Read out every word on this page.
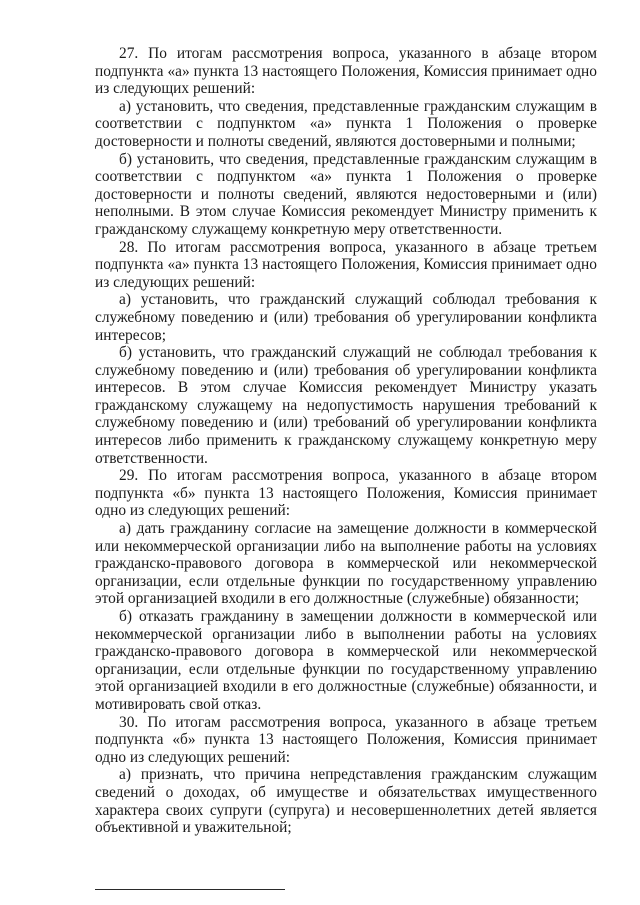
27. По итогам рассмотрения вопроса, указанного в абзаце втором подпункта «а» пункта 13 настоящего Положения, Комиссия принимает одно из следующих решений:

а) установить, что сведения, представленные гражданским служащим в соответствии с подпунктом «а» пункта 1 Положения о проверке достоверности и полноты сведений, являются достоверными и полными;

б) установить, что сведения, представленные гражданским служащим в соответствии с подпунктом «а» пункта 1 Положения о проверке достоверности и полноты сведений, являются недостоверными и (или) неполными. В этом случае Комиссия рекомендует Министру применить к гражданскому служащему конкретную меру ответственности.

28. По итогам рассмотрения вопроса, указанного в абзаце третьем подпункта «а» пункта 13 настоящего Положения, Комиссия принимает одно из следующих решений:

а) установить, что гражданский служащий соблюдал требования к служебному поведению и (или) требования об урегулировании конфликта интересов;

б) установить, что гражданский служащий не соблюдал требования к служебному поведению и (или) требования об урегулировании конфликта интересов. В этом случае Комиссия рекомендует Министру указать гражданскому служащему на недопустимость нарушения требований к служебному поведению и (или) требований об урегулировании конфликта интересов либо применить к гражданскому служащему конкретную меру ответственности.

29. По итогам рассмотрения вопроса, указанного в абзаце втором подпункта «б» пункта 13 настоящего Положения, Комиссия принимает одно из следующих решений:

а) дать гражданину согласие на замещение должности в коммерческой или некоммерческой организации либо на выполнение работы на условиях гражданско-правового договора в коммерческой или некоммерческой организации, если отдельные функции по государственному управлению этой организацией входили в его должностные (служебные) обязанности;

б) отказать гражданину в замещении должности в коммерческой или некоммерческой организации либо в выполнении работы на условиях гражданско-правового договора в коммерческой или некоммерческой организации, если отдельные функции по государственному управлению этой организацией входили в его должностные (служебные) обязанности, и мотивировать свой отказ.

30. По итогам рассмотрения вопроса, указанного в абзаце третьем подпункта «б» пункта 13 настоящего Положения, Комиссия принимает одно из следующих решений:

а) признать, что причина непредставления гражданским служащим сведений о доходах, об имуществе и обязательствах имущественного характера своих супруги (супруга) и несовершеннолетних детей является объективной и уважительной;
